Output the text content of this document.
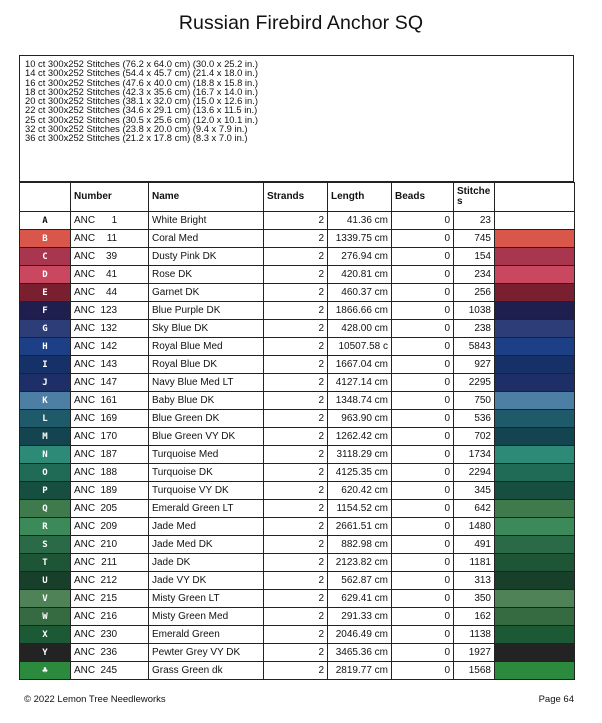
Russian Firebird Anchor SQ
10 ct 300x252 Stitches (76.2 x 64.0 cm) (30.0 x 25.2 in.)
14 ct 300x252 Stitches (54.4 x 45.7 cm) (21.4 x 18.0 in.)
16 ct 300x252 Stitches (47.6 x 40.0 cm) (18.8 x 15.8 in.)
18 ct 300x252 Stitches (42.3 x 35.6 cm) (16.7 x 14.0 in.)
20 ct 300x252 Stitches (38.1 x 32.0 cm) (15.0 x 12.6 in.)
22 ct 300x252 Stitches (34.6 x 29.1 cm) (13.6 x 11.5 in.)
25 ct 300x252 Stitches (30.5 x 25.6 cm) (12.0 x 10.1 in.)
32 ct 300x252 Stitches (23.8 x 20.0 cm) (9.4 x 7.9 in.)
36 ct 300x252 Stitches (21.2 x 17.8 cm) (8.3 x 7.0 in.)
	Number	Name	Strands	Length	Beads	Stitches	
A	ANC 1	White Bright	2	41.36 cm	0	23	
B	ANC 11	Coral Med	2	1339.75 cm	0	745	
C	ANC 39	Dusty Pink DK	2	276.94 cm	0	154	
D	ANC 41	Rose DK	2	420.81 cm	0	234	
E	ANC 44	Garnet DK	2	460.37 cm	0	256	
F	ANC 123	Blue Purple DK	2	1866.66 cm	0	1038	
G	ANC 132	Sky Blue DK	2	428.00 cm	0	238	
H	ANC 142	Royal Blue Med	2	10507.58 c	0	5843	
I	ANC 143	Royal Blue DK	2	1667.04 cm	0	927	
J	ANC 147	Navy Blue Med LT	2	4127.14 cm	0	2295	
K	ANC 161	Baby Blue DK	2	1348.74 cm	0	750	
L	ANC 169	Blue Green DK	2	963.90 cm	0	536	
M	ANC 170	Blue Green VY DK	2	1262.42 cm	0	702	
N	ANC 187	Turquoise Med	2	3118.29 cm	0	1734	
O	ANC 188	Turquoise DK	2	4125.35 cm	0	2294	
P	ANC 189	Turquoise VY DK	2	620.42 cm	0	345	
Q	ANC 205	Emerald Green LT	2	1154.52 cm	0	642	
R	ANC 209	Jade Med	2	2661.51 cm	0	1480	
S	ANC 210	Jade Med DK	2	882.98 cm	0	491	
T	ANC 211	Jade DK	2	2123.82 cm	0	1181	
U	ANC 212	Jade VY DK	2	562.87 cm	0	313	
V	ANC 215	Misty Green LT	2	629.41 cm	0	350	
W	ANC 216	Misty Green Med	2	291.33 cm	0	162	
X	ANC 230	Emerald Green	2	2046.49 cm	0	1138	
Y	ANC 236	Pewter Grey VY DK	2	3465.36 cm	0	1927	
♣	ANC 245	Grass Green dk	2	2819.77 cm	0	1568	
© 2022 Lemon Tree Needleworks	Page 64
